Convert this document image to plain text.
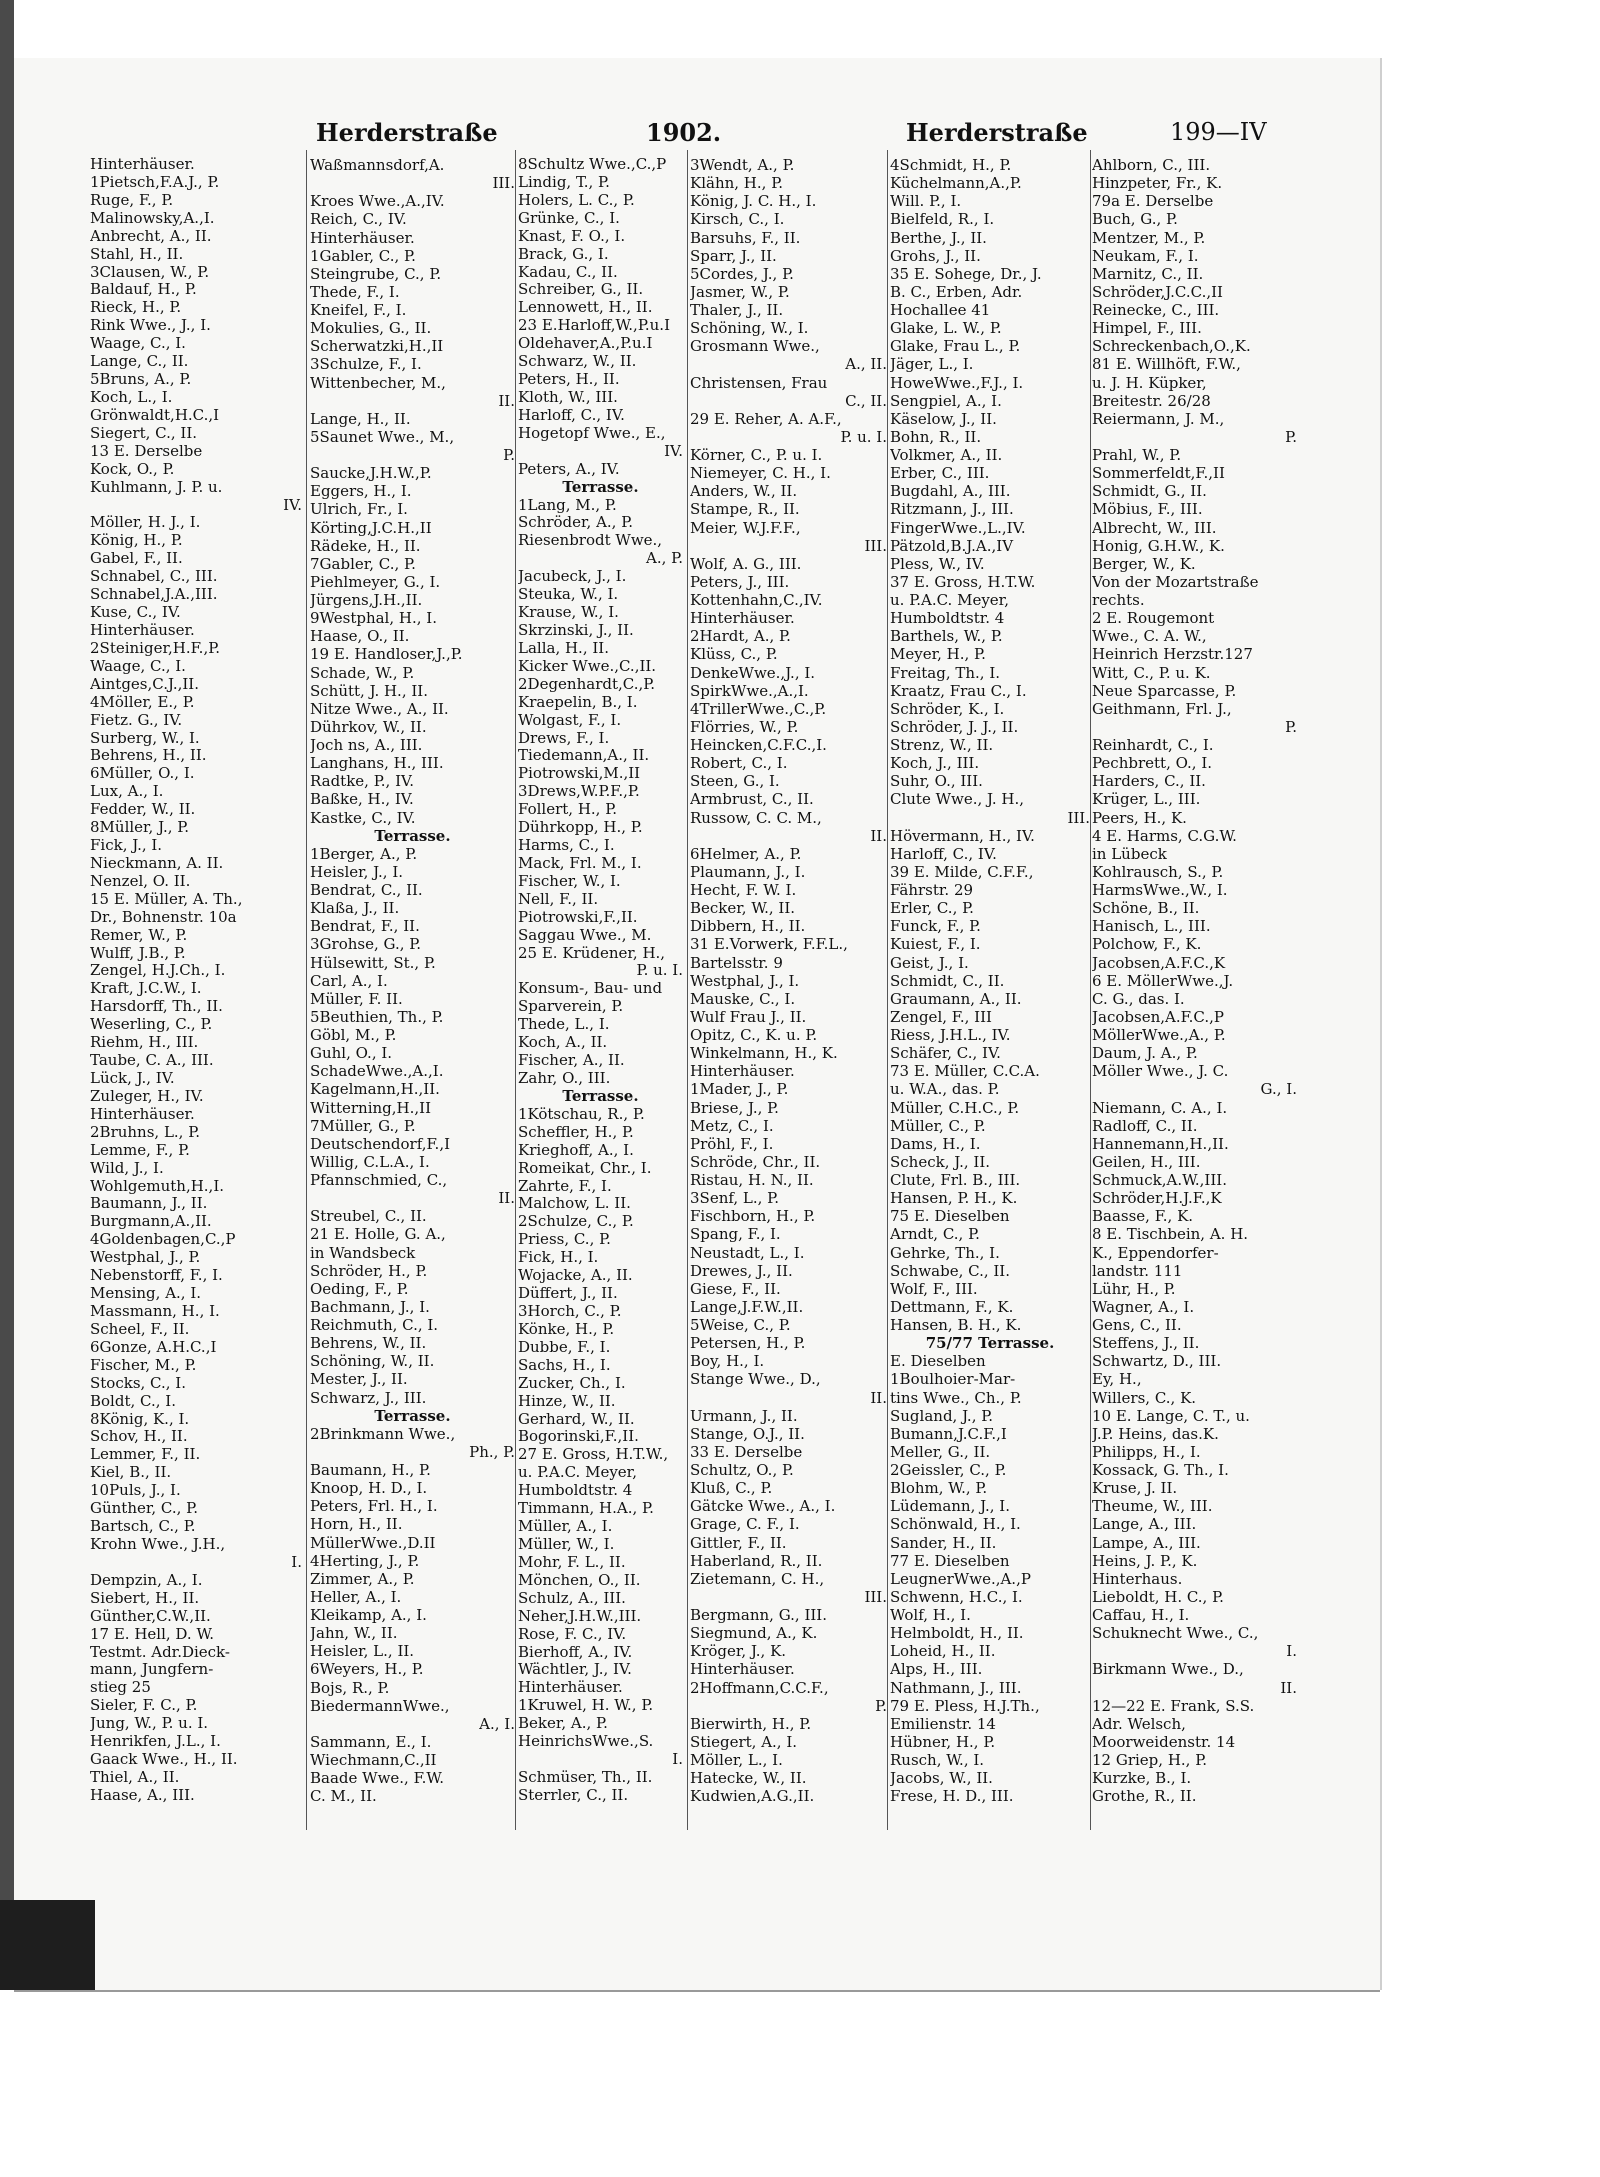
Herderstraße	1902.	Herderstraße	199—IV
Hinterhäuser.
1Pietsch,F.A.J., P.
Ruge, F., P.
Malinowsky,A.,I.
Anbrecht, A., II.
Stahl, H., II.
3Clausen, W., P.
Baldauf, H., P.
Rieck, H., P.
Rink Wwe., J., I.
Waage, C., I.
Lange, C., II.
5Bruns, A., P.
Koch, L., I.
Grönwaldt,H.C.,I
Siegert, C., II.
13 E. Derselbe
Kock, O., P.
Kuhlmann, J. P. u.
IV.
Möller, H. J., I.
König, H., P.
Gabel, F., II.
Schnabel, C., III.
Schnabel,J.A.,III.
Kuse, C., IV.
Hinterhäuser.
2Steiniger,H.F.,P.
Waage, C., I.
Aintges,C.J.,II.
4Möller, E., P.
Fietz. G., IV.
Surberg, W., I.
Behrens, H., II.
6Müller, O., I.
Lux, A., I.
Fedder, W., II.
8Müller, J., P.
Fick, J., I.
Nieckmann, A. II.
Nenzel, O. II.
15 E. Müller, A. Th.,
Dr., Bohnenstr. 10a
Remer, W., P.
Wulff, J.B., P.
Zengel, H.J.Ch., I.
Kraft, J.C.W., I.
Harsdorff, Th., II.
Weserling, C., P.
Riehm, H., III.
Taube, C. A., III.
Lück, J., IV.
Zuleger, H., IV.
Hinterhäuser.
2Bruhns, L., P.
Lemme, F., P.
Wild, J., I.
Wohlgemuth,H.,I.
Baumann, J., II.
Burgmann,A.,II.
4Goldenbagen,C.,P
Westphal, J., P.
Nebenstorff, F., I.
Mensing, A., I.
Massmann, H., I.
Scheel, F., II.
6Gonze, A.H.C.,I
Fischer, M., P.
Stocks, C., I.
Boldt, C., I.
8König, K., I.
Schov, H., II.
Lemmer, F., II.
Kiel, B., II.
10Puls, J., I.
Günther, C., P.
Bartsch, C., P.
Krohn Wwe., J.H.,
I.
Dempzin, A., I.
Siebert, H., II.
Günther,C.W.,II.
17 E. Hell, D. W.
Testmt. Adr.Dieck-
mann, Jungfern-
stieg 25
Sieler, F. C., P.
Jung, W., P. u. I.
Henrikfen, J.L., I.
Gaack Wwe., H., II.
Thiel, A., II.
Haase, A., III.
Waßmannsdorf,A.
III.
Kroes Wwe.,A.,IV.
Reich, C., IV.
Hinterhäuser.
1Gabler, C., P.
Steingrube, C., P.
Thede, F., I.
Kneifel, F., I.
Mokulies, G., II.
Scherwatzki,H.,II
3Schulze, F., I.
Wittenbecher, M.,
II.
Lange, H., II.
5Saunet Wwe., M.,
P.
Saucke,J.H.W.,P.
Eggers, H., I.
Ulrich, Fr., I.
Körting,J.C.H.,II
Rädeke, H., II.
7Gabler, C., P.
Piehlmeyer, G., I.
Jürgens,J.H.,II.
9Westphal, H., I.
Haase, O., II.
19 E. Handloser,J.,P.
Schade, W., P.
Schütt, J. H., II.
Nitze Wwe., A., II.
Dührkov, W., II.
Joch ns, A., III.
Langhans, H., III.
Radtke, P., IV.
Baßke, H., IV.
Kastke, C., IV.
Terrasse.
1Berger, A., P.
Heisler, J., I.
Bendrat, C., II.
Klaßa, J., II.
Bendrat, F., II.
3Grohse, G., P.
Hülsewitt, St., P.
Carl, A., I.
Müller, F. II.
5Beuthien, Th., P.
Göbl, M., P.
Guhl, O., I.
SchadeWwe.,A.,I.
Kagelmann,H.,II.
Witterning,H.,II
7Müller, G., P.
Deutschendorf,F.,I
Willig, C.L.A., I.
Pfannschmied, C.,
II.
Streubel, C., II.
21 E. Holle, G. A.,
in Wandsbeck
Schröder, H., P.
Oeding, F., P.
Bachmann, J., I.
Reichmuth, C., I.
Behrens, W., II.
Schöning, W., II.
Mester, J., II.
Schwarz, J., III.
Terrasse.
2Brinkmann Wwe.,
Ph., P.
Baumann, H., P.
Knoop, H. D., I.
Peters, Frl. H., I.
Horn, H., II.
MüllerWwe.,D.II
4Herting, J., P.
Zimmer, A., P.
Heller, A., I.
Kleikamp, A., I.
Jahn, W., II.
Heisler, L., II.
6Weyers, H., P.
Bojs, R., P.
BiedermannWwe.,
A., I.
Sammann, E., I.
Wiechmann,C.,II
Baade Wwe., F.W.
C. M., II.
8Schultz Wwe.,C.,P
Lindig, T., P.
Holers, L. C., P.
Grünke, C., I.
Knast, F. O., I.
Brack, G., I.
Kadau, C., II.
Schreiber, G., II.
Lennowett, H., II.
23 E.Harloff,W.,P.u.I
Oldehaver,A.,P.u.I
Schwarz, W., II.
Peters, H., II.
Kloth, W., III.
Harloff, C., IV.
Hogetopf Wwe., E.,
IV.
Peters, A., IV.
Terrasse.
1Lang, M., P.
Schröder, A., P.
Riesenbrodt Wwe.,
A., P.
Jacubeck, J., I.
Steuka, W., I.
Krause, W., I.
Skrzinski, J., II.
Lalla, H., II.
Kicker Wwe.,C.,II.
2Degenhardt,C.,P.
Kraepelin, B., I.
Wolgast, F., I.
Drews, F., I.
Tiedemann,A., II.
Piotrowski,M.,II
3Drews,W.P.F.,P.
Follert, H., P.
Dührkopp, H., P.
Harms, C., I.
Mack, Frl. M., I.
Fischer, W., I.
Nell, F., II.
Piotrowski,F.,II.
Saggau Wwe., M.
25 E. Krüdener, H.,
P. u. I.
Konsum-, Bau- und
Sparverein, P.
Thede, L., I.
Koch, A., II.
Fischer, A., II.
Zahr, O., III.
Terrasse.
1Kötschau, R., P.
Scheffler, H., P.
Krieghoff, A., I.
Romeikat, Chr., I.
Zahrte, F., I.
Malchow, L. II.
2Schulze, C., P.
Priess, C., P.
Fick, H., I.
Wojacke, A., II.
Düffert, J., II.
3Horch, C., P.
Könke, H., P.
Dubbe, F., I.
Sachs, H., I.
Zucker, Ch., I.
Hinze, W., II.
Gerhard, W., II.
Bogorinski,F.,II.
27 E. Gross, H.T.W.,
u. P.A.C. Meyer,
Humboldtstr. 4
Timmann, H.A., P.
Müller, A., I.
Müller, W., I.
Mohr, F. L., II.
Mönchen, O., II.
Schulz, A., III.
Neher,J.H.W.,III.
Rose, F. C., IV.
Bierhoff, A., IV.
Wächtler, J., IV.
Hinterhäuser.
1Kruwel, H. W., P.
Beker, A., P.
HeinrichsWwe.,S.
I.
Schmüser, Th., II.
Sterrler, C., II.
3Wendt, A., P.
Klähn, H., P.
König, J. C. H., I.
Kirsch, C., I.
Barsuhs, F., II.
Sparr, J., II.
5Cordes, J., P.
Jasmer, W., P.
Thaler, J., II.
Schöning, W., I.
Grosmann Wwe.,
A., II.
Christensen, Frau
C., II.
29 E. Reher, A. A.F.,
P. u. I.
Körner, C., P. u. I.
Niemeyer, C. H., I.
Anders, W., II.
Stampe, R., II.
Meier, W.J.F.F.,
III.
Wolf, A. G., III.
Peters, J., III.
Kottenhahn,C.,IV.
Hinterhäuser.
2Hardt, A., P.
Klüss, C., P.
DenkeWwe.,J., I.
SpirkWwe.,A.,I.
4TrillerWwe.,C.,P.
Flörries, W., P.
Heincken,C.F.C.,I.
Robert, C., I.
Steen, G., I.
Armbrust, C., II.
Russow, C. C. M.,
II.
6Helmer, A., P.
Plaumann, J., I.
Hecht, F. W. I.
Becker, W., II.
Dibbern, H., II.
31 E.Vorwerk, F.F.L.,
Bartelsstr. 9
Westphal, J., I.
Mauske, C., I.
Wulf Frau J., II.
Opitz, C., K. u. P.
Winkelmann, H., K.
Hinterhäuser.
1Mader, J., P.
Briese, J., P.
Metz, C., I.
Pröhl, F., I.
Schröde, Chr., II.
Ristau, H. N., II.
3Senf, L., P.
Fischborn, H., P.
Spang, F., I.
Neustadt, L., I.
Drewes, J., II.
Giese, F., II.
Lange,J.F.W.,II.
5Weise, C., P.
Petersen, H., P.
Boy, H., I.
Stange Wwe., D.,
II.
Urmann, J., II.
Stange, O.J., II.
33 E. Derselbe
Schultz, O., P.
Kluß, C., P.
Gätcke Wwe., A., I.
Grage, C. F., I.
Gittler, F., II.
Haberland, R., II.
Zietemann, C. H.,
III.
Bergmann, G., III.
Siegmund, A., K.
Kröger, J., K.
Hinterhäuser.
2Hoffmann,C.C.F.,
P.
Bierwirth, H., P.
Stiegert, A., I.
Möller, L., I.
Hatecke, W., II.
Kudwien,A.G.,II.
4Schmidt, H., P.
Küchelmann,A.,P.
Will. P., I.
Bielfeld, R., I.
Berthe, J., II.
Grohs, J., II.
35 E. Sohege, Dr., J.
B. C., Erben, Adr.
Hochallee 41
Glake, L. W., P.
Glake, Frau L., P.
Jäger, L., I.
HoweWwe.,F.J., I.
Sengpiel, A., I.
Käselow, J., II.
Bohn, R., II.
Volkmer, A., II.
Erber, C., III.
Bugdahl, A., III.
Ritzmann, J., III.
FingerWwe.,L.,IV.
Pätzold,B.J.A.,IV
Pless, W., IV.
37 E. Gross, H.T.W.
u. P.A.C. Meyer,
Humboldtstr. 4
Barthels, W., P.
Meyer, H., P.
Freitag, Th., I.
Kraatz, Frau C., I.
Schröder, K., I.
Schröder, J. J., II.
Strenz, W., II.
Koch, J., III.
Suhr, O., III.
Clute Wwe., J. H.,
III.
Hövermann, H., IV.
Harloff, C., IV.
39 E. Milde, C.F.F.,
Fährstr. 29
Erler, C., P.
Funck, F., P.
Kuiest, F., I.
Geist, J., I.
Schmidt, C., II.
Graumann, A., II.
Zengel, F., III
Riess, J.H.L., IV.
Schäfer, C., IV.
73 E. Müller, C.C.A.
u. W.A., das. P.
Müller, C.H.C., P.
Müller, C., P.
Dams, H., I.
Scheck, J., II.
Clute, Frl. B., III.
Hansen, P. H., K.
75 E. Dieselben
Arndt, C., P.
Gehrke, Th., I.
Schwabe, C., II.
Wolf, F., III.
Dettmann, F., K.
Hansen, B. H., K.
75/77 Terrasse.
E. Dieselben
1Boulhoier-Mar-
tins Wwe., Ch., P.
Sugland, J., P.
Bumann,J.C.F.,I
Meller, G., II.
2Geissler, C., P.
Blohm, W., P.
Lüdemann, J., I.
Schönwald, H., I.
Sander, H., II.
77 E. Dieselben
LeugnerWwe.,A.,P
Schwenn, H.C., I.
Wolf, H., I.
Helmboldt, H., II.
Loheid, H., II.
Alps, H., III.
Nathmann, J., III.
79 E. Pless, H.J.Th.,
Emilienstr. 14
Hübner, H., P.
Rusch, W., I.
Jacobs, W., II.
Frese, H. D., III.
Ahlborn, C., III.
Hinzpeter, Fr., K.
79a E. Derselbe
Buch, G., P.
Mentzer, M., P.
Neukam, F., I.
Marnitz, C., II.
Schröder,J.C.C.,II
Reinecke, C., III.
Himpel, F., III.
Schreckenbach,O.,K.
81 E. Willhöft, F.W.,
u. J. H. Küpker,
Breitestr. 26/28
Reiermann, J. M.,
P.
Prahl, W., P.
Sommerfeldt,F.,II
Schmidt, G., II.
Möbius, F., III.
Albrecht, W., III.
Honig, G.H.W., K.
Berger, W., K.
Von der Mozartstraße
rechts.
2 E. Rougemont
Wwe., C. A. W.,
Heinrich Herzstr.127
Witt, C., P. u. K.
Neue Sparcasse, P.
Geithmann, Frl. J.,
P.
Reinhardt, C., I.
Pechbrett, O., I.
Harders, C., II.
Krüger, L., III.
Peers, H., K.
4 E. Harms, C.G.W.
in Lübeck
Kohlrausch, S., P.
HarmsWwe.,W., I.
Schöne, B., II.
Hanisch, L., III.
Polchow, F., K.
Jacobsen,A.F.C.,K
6 E. MöllerWwe.,J.
C. G., das. I.
Jacobsen,A.F.C.,P
MöllerWwe.,A., P.
Daum, J. A., P.
Möller Wwe., J. C.
G., I.
Niemann, C. A., I.
Radloff, C., II.
Hannemann,H.,II.
Geilen, H., III.
Schmuck,A.W.,III.
Schröder,H.J.F.,K
Baasse, F., K.
8 E. Tischbein, A. H.
K., Eppendorfer-
landstr. 111
Lühr, H., P.
Wagner, A., I.
Gens, C., II.
Steffens, J., II.
Schwartz, D., III.
Ey, H.,
Willers, C., K.
10 E. Lange, C. T., u.
J.P. Heins, das.K.
Philipps, H., I.
Kossack, G. Th., I.
Kruse, J. II.
Theume, W., III.
Lange, A., III.
Lampe, A., III.
Heins, J. P., K.
Hinterhaus.
Lieboldt, H. C., P.
Caffau, H., I.
Schuknecht Wwe., C.,
I.
Birkmann Wwe., D.,
II.
12—22 E. Frank, S.S.
Adr. Welsch,
Moorweidenstr. 14
12 Griep, H., P.
Kurzke, B., I.
Grothe, R., II.
